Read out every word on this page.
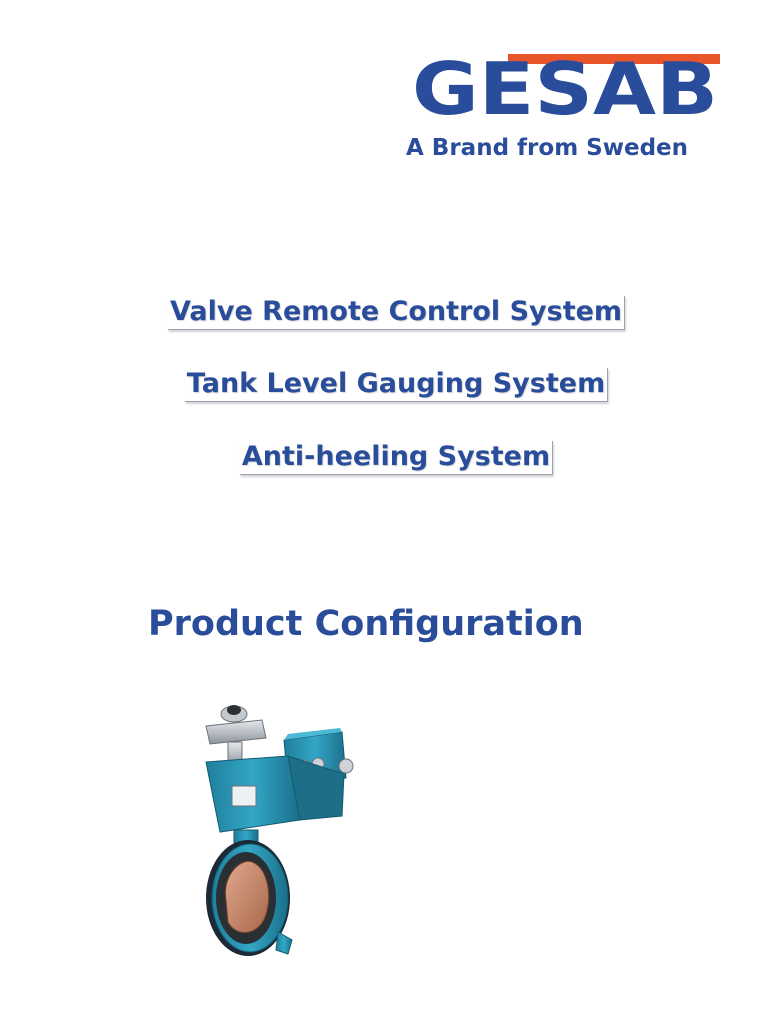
GESAB
A Brand from Sweden
Valve Remote Control System
Tank Level Gauging System
Anti-heeling System
Product Configuration
